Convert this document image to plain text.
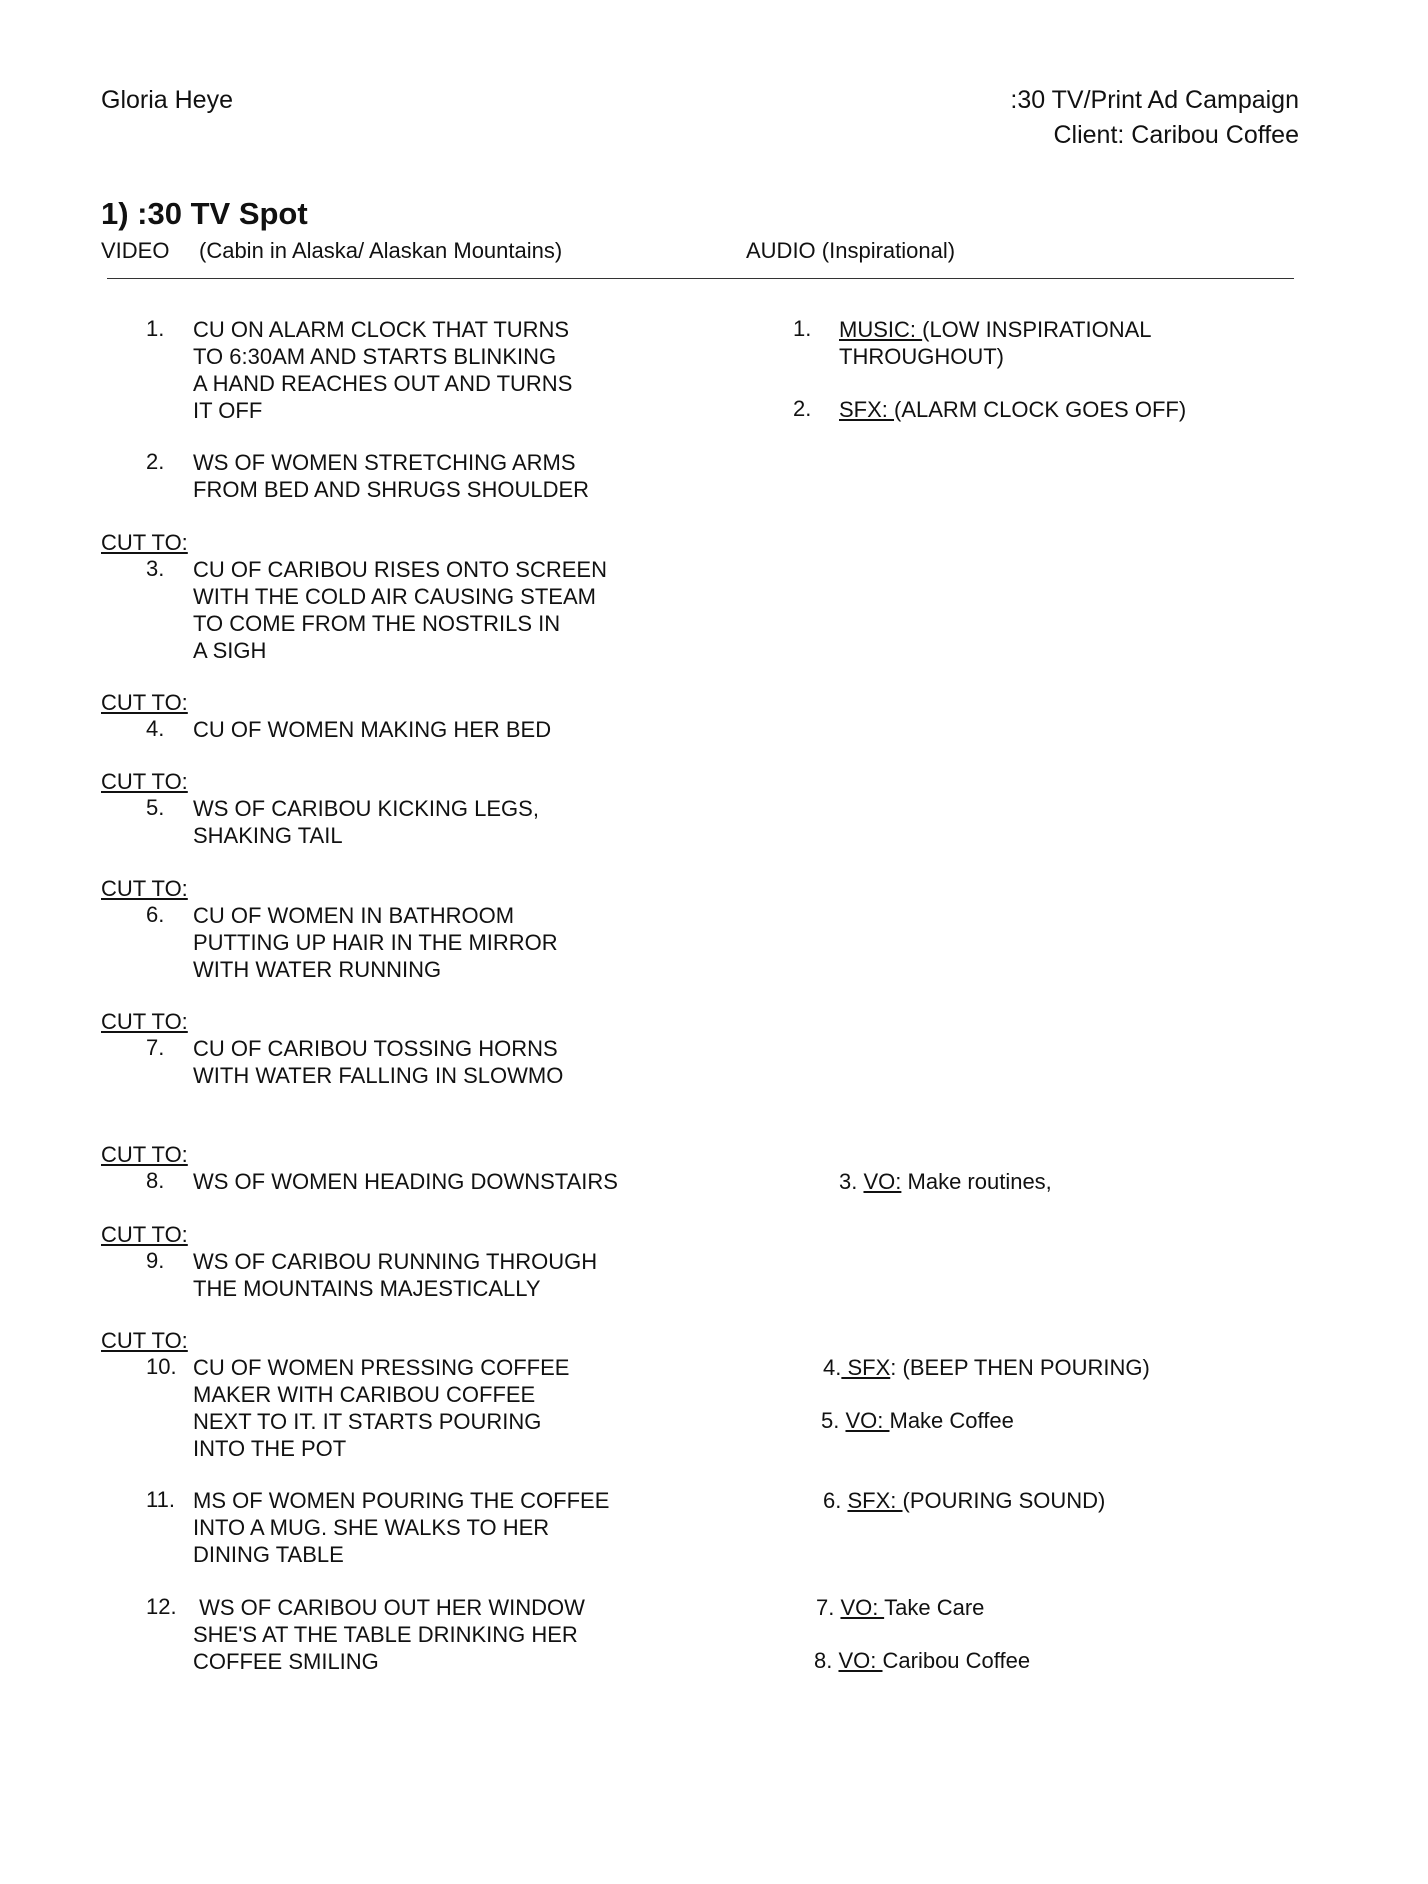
Gloria Heye	:30 TV/Print Ad Campaign
Client: Caribou Coffee
1) :30 TV Spot
VIDEO (Cabin in Alaska/ Alaskan Mountains)	AUDIO (Inspirational)
CUT TO:
CUT TO:
CUT TO:
CUT TO:
CUT TO:
CUT TO:
CUT TO:
CUT TO:
1. CU ON ALARM CLOCK THAT TURNS
TO 6:30AM AND STARTS BLINKING
A HAND REACHES OUT AND TURNS
IT OFF
2. WS OF WOMEN STRETCHING ARMS
FROM BED AND SHRUGS SHOULDER
3. CU OF CARIBOU RISES ONTO SCREEN
WITH THE COLD AIR CAUSING STEAM
TO COME FROM THE NOSTRILS IN
A SIGH
4. CU OF WOMEN MAKING HER BED
5. WS OF CARIBOU KICKING LEGS,
SHAKING TAIL
6. CU OF WOMEN IN BATHROOM
PUTTING UP HAIR IN THE MIRROR
WITH WATER RUNNING
7. CU OF CARIBOU TOSSING HORNS
WITH WATER FALLING IN SLOWMO
8. WS OF WOMEN HEADING DOWNSTAIRS
9. WS OF CARIBOU RUNNING THROUGH
THE MOUNTAINS MAJESTICALLY
10. CU OF WOMEN PRESSING COFFEE
MAKER WITH CARIBOU COFFEE
NEXT TO IT. IT STARTS POURING
INTO THE POT
11. MS OF WOMEN POURING THE COFFEE
INTO A MUG. SHE WALKS TO HER
DINING TABLE
12. WS OF CARIBOU OUT HER WINDOW
SHE'S AT THE TABLE DRINKING HER
COFFEE SMILING
1. MUSIC: (LOW INSPIRATIONAL
THROUGHOUT)
2. SFX: (ALARM CLOCK GOES OFF)
3. VO: Make routines,
4. SFX: (BEEP THEN POURING)
5. VO: Make Coffee
6. SFX: (POURING SOUND)
7. VO: Take Care
8. VO: Caribou Coffee
